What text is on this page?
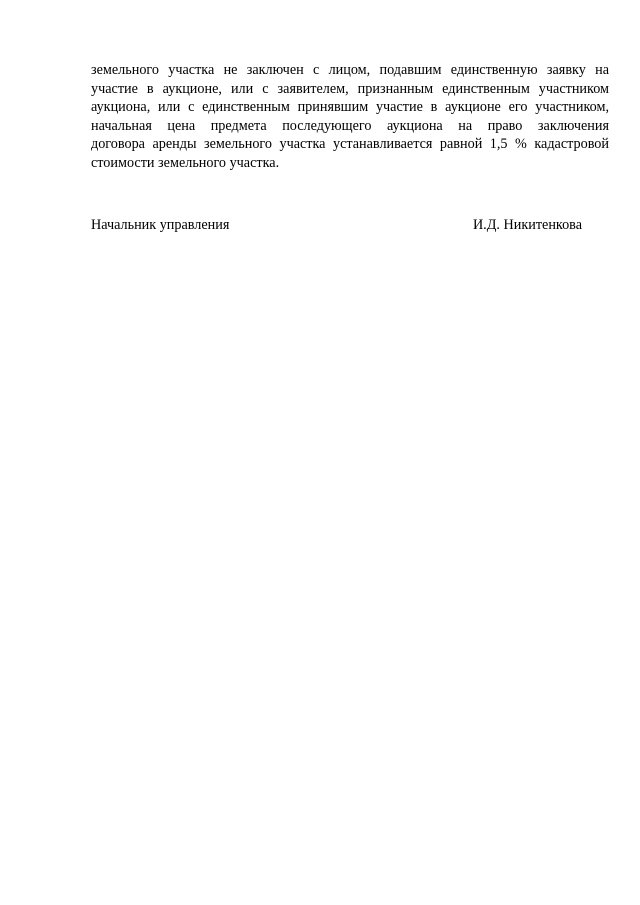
земельного участка не заключен с лицом, подавшим единственную заявку на
участие в аукционе, или с заявителем, признанным единственным участником
аукциона, или с единственным принявшим участие в аукционе его участником,
начальная цена предмета последующего аукциона на право заключения
договора аренды земельного участка устанавливается равной 1,5 % кадастровой
стоимости земельного участка.
Начальник управления	И.Д. Никитенкова
